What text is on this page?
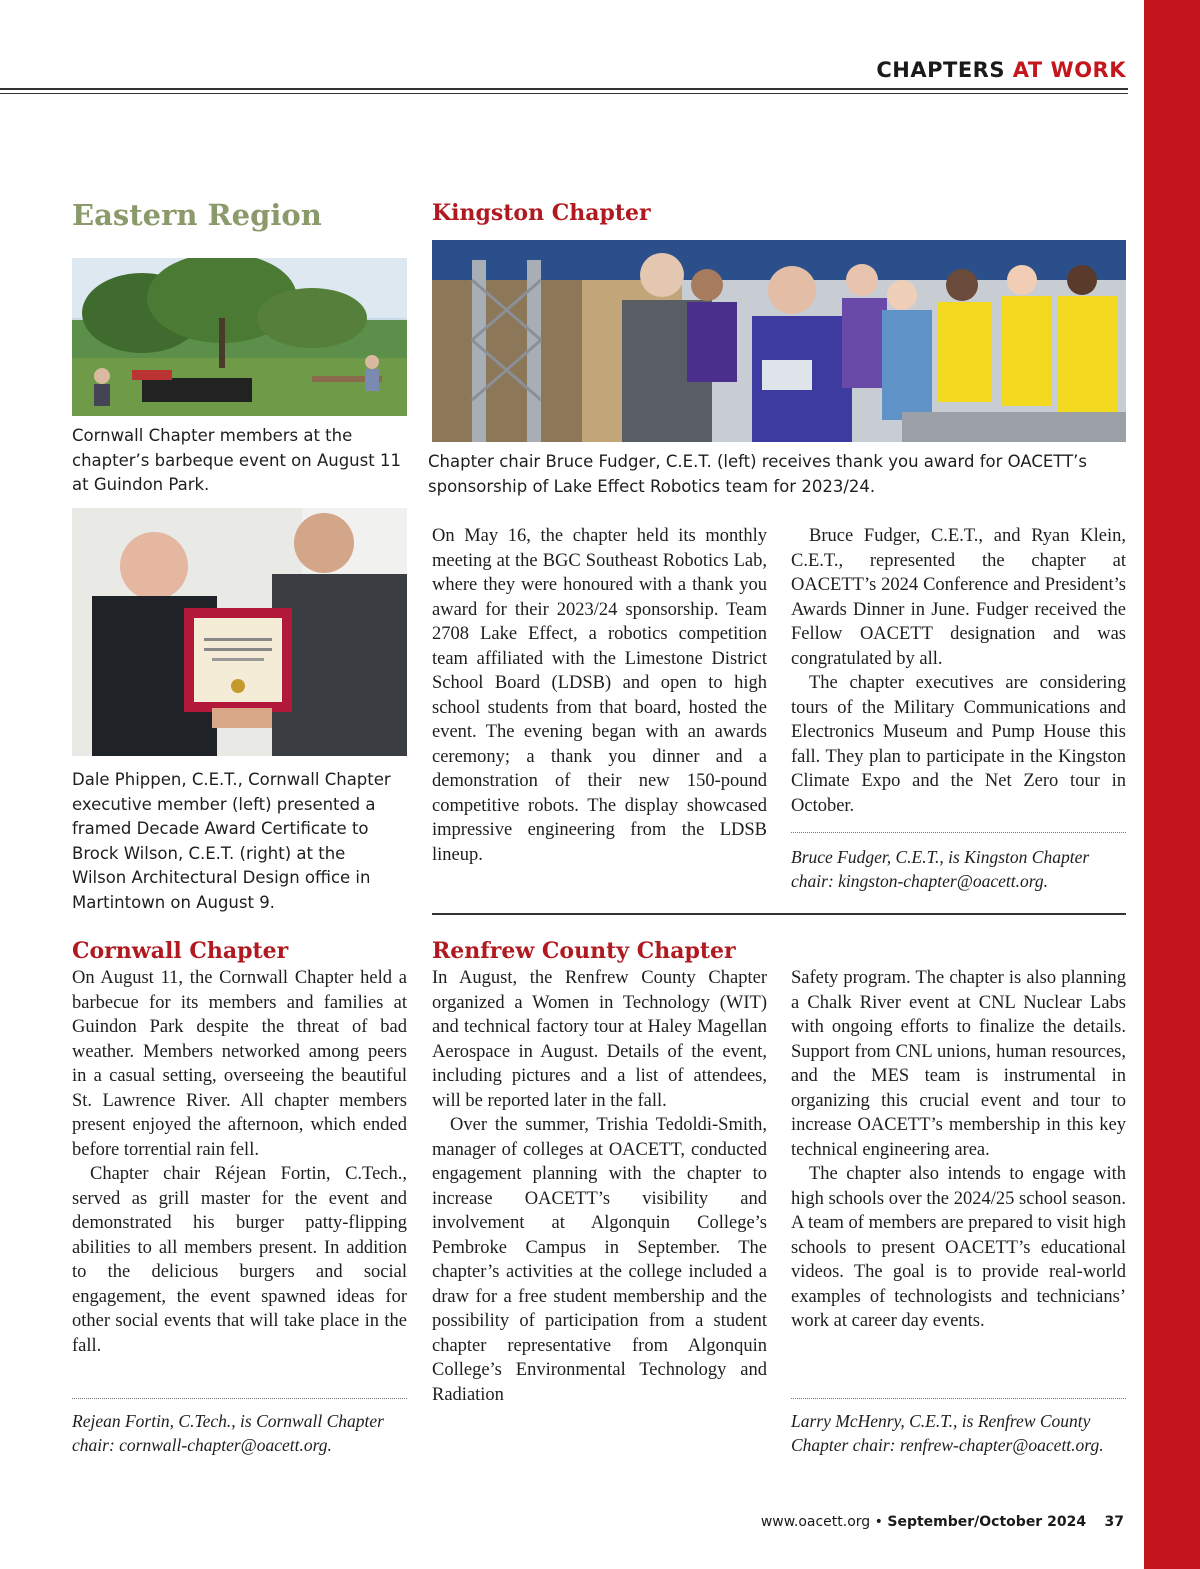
CHAPTERS AT WORK
Eastern Region
Cornwall Chapter members at the chapter’s barbeque event on August 11 at Guindon Park.
Kingston Chapter
Chapter chair Bruce Fudger, C.E.T. (left) receives thank you award for OACETT’s sponsorship of Lake Effect Robotics team for 2023/24.
Dale Phippen, C.E.T., Cornwall Chapter executive member (left) presented a framed Decade Award Certificate to Brock Wilson, C.E.T. (right) at the Wilson Architectural Design office in Martintown on August 9.

On May 16, the chapter held its monthly meeting at the BGC Southeast Robotics Lab, where they were honoured with a thank you award for their 2023/24 sponsorship. Team 2708 Lake Effect, a robotics competition team affiliated with the Limestone District School Board (LDSB) and open to high school students from that board, hosted the event. The evening began with an awards ceremony; a thank you dinner and a demonstration of their new 150-pound competitive robots. The display showcased impressive engineering from the LDSB lineup.

Bruce Fudger, C.E.T., and Ryan Klein, C.E.T., represented the chapter at OACETT’s 2024 Conference and President’s Awards Dinner in June. Fudger received the Fellow OACETT designation and was congratulated by all.

The chapter executives are considering tours of the Military Communications and Electronics Museum and Pump House this fall. They plan to participate in the Kingston Climate Expo and the Net Zero tour in October.

Bruce Fudger, C.E.T., is Kingston Chapter chair: kingston-chapter@oacett.org.
Cornwall Chapter

On August 11, the Cornwall Chapter held a barbecue for its members and families at Guindon Park despite the threat of bad weather. Members networked among peers in a casual setting, overseeing the beautiful St. Lawrence River. All chapter members present enjoyed the afternoon, which ended before torrential rain fell.

Chapter chair Réjean Fortin, C.Tech., served as grill master for the event and demonstrated his burger patty-flipping abilities to all members present. In addition to the delicious burgers and social engagement, the event spawned ideas for other social events that will take place in the fall.

Rejean Fortin, C.Tech., is Cornwall Chapter chair: cornwall-chapter@oacett.org.
Renfrew County Chapter

In August, the Renfrew County Chapter organized a Women in Technology (WIT) and technical factory tour at Haley Magellan Aerospace in August. Details of the event, including pictures and a list of attendees, will be reported later in the fall.

Over the summer, Trishia Tedoldi-Smith, manager of colleges at OACETT, conducted engagement planning with the chapter to increase OACETT’s visibility and involvement at Algonquin College’s Pembroke Campus in September. The chapter’s activities at the college included a draw for a free student membership and the possibility of participation from a student chapter representative from Algonquin College’s Environmental Technology and Radiation

Safety program. The chapter is also planning a Chalk River event at CNL Nuclear Labs with ongoing efforts to finalize the details. Support from CNL unions, human resources, and the MES team is instrumental in organizing this crucial event and tour to increase OACETT’s membership in this key technical engineering area.

The chapter also intends to engage with high schools over the 2024/25 school season. A team of members are prepared to visit high schools to present OACETT’s educational videos. The goal is to provide real-world examples of technologists and technicians’ work at career day events.

Larry McHenry, C.E.T., is Renfrew County Chapter chair: renfrew-chapter@oacett.org.
www.oacett.org • September/October 2024 37
